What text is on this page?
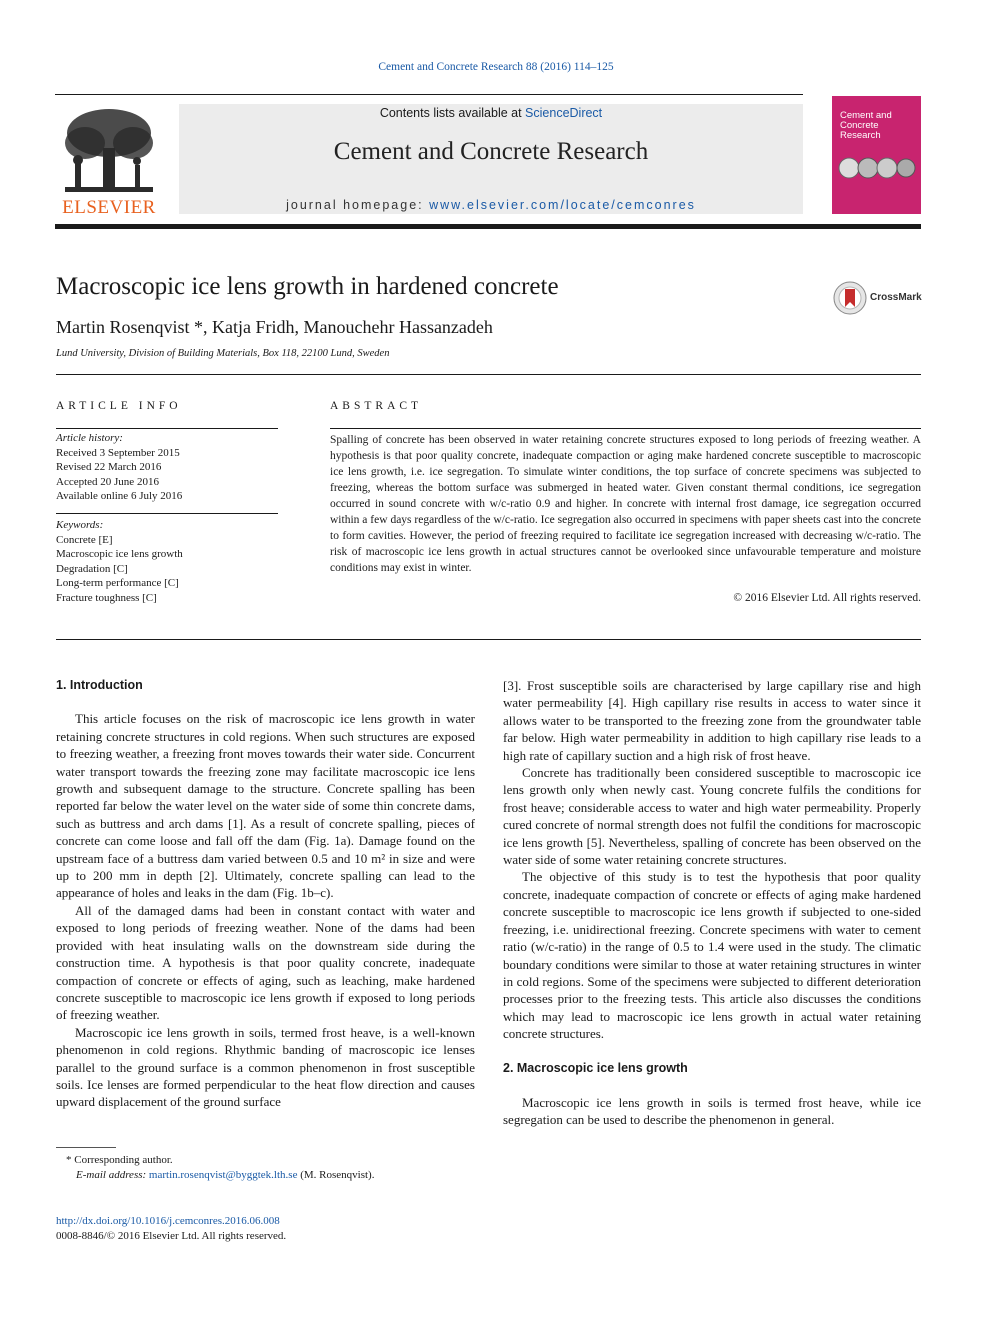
Cement and Concrete Research 88 (2016) 114–125
ELSEVIER
Contents lists available at ScienceDirect
Cement and Concrete Research
journal homepage: www.elsevier.com/locate/cemconres
Cement and Concrete Research
Macroscopic ice lens growth in hardened concrete	CrossMark
Martin Rosenqvist *, Katja Fridh, Manouchehr Hassanzadeh
Lund University, Division of Building Materials, Box 118, 22100 Lund, Sweden
ARTICLE INFO
Article history:
Received 3 September 2015
Revised 22 March 2016
Accepted 20 June 2016
Available online 6 July 2016
Keywords:
Concrete [E]
Macroscopic ice lens growth
Degradation [C]
Long-term performance [C]
Fracture toughness [C]
ABSTRACT
Spalling of concrete has been observed in water retaining concrete structures exposed to long periods of freezing weather. A hypothesis is that poor quality concrete, inadequate compaction or aging make hardened concrete susceptible to macroscopic ice lens growth, i.e. ice segregation. To simulate winter conditions, the top surface of concrete specimens was subjected to freezing, whereas the bottom surface was submerged in heated water. Given constant thermal conditions, ice segregation occurred in sound concrete with w/c-ratio 0.9 and higher. In concrete with internal frost damage, ice segregation occurred within a few days regardless of the w/c-ratio. Ice segregation also occurred in specimens with paper sheets cast into the concrete to form cavities. However, the period of freezing required to facilitate ice segregation increased with decreasing w/c-ratio. The risk of macroscopic ice lens growth in actual structures cannot be overlooked since unfavourable temperature and moisture conditions may exist in winter.
© 2016 Elsevier Ltd. All rights reserved.
1. Introduction

This article focuses on the risk of macroscopic ice lens growth in water retaining concrete structures in cold regions. When such structures are exposed to freezing weather, a freezing front moves towards their water side. Concurrent water transport towards the freezing zone may facilitate macroscopic ice lens growth and subsequent damage to the structure. Concrete spalling has been reported far below the water level on the water side of some thin concrete dams, such as buttress and arch dams [1]. As a result of concrete spalling, pieces of concrete can come loose and fall off the dam (Fig. 1a). Damage found on the upstream face of a buttress dam varied between 0.5 and 10 m² in size and were up to 200 mm in depth [2]. Ultimately, concrete spalling can lead to the appearance of holes and leaks in the dam (Fig. 1b–c).

All of the damaged dams had been in constant contact with water and exposed to long periods of freezing weather. None of the dams had been provided with heat insulating walls on the downstream side during the construction time. A hypothesis is that poor quality concrete, inadequate compaction of concrete or effects of aging, such as leaching, make hardened concrete susceptible to macroscopic ice lens growth if exposed to long periods of freezing weather.

Macroscopic ice lens growth in soils, termed frost heave, is a well-known phenomenon in cold regions. Rhythmic banding of macroscopic ice lenses parallel to the ground surface is a common phenomenon in frost susceptible soils. Ice lenses are formed perpendicular to the heat flow direction and causes upward displacement of the ground surface

* Corresponding author.
E-mail address: martin.rosenqvist@byggtek.lth.se (M. Rosenqvist).

[3]. Frost susceptible soils are characterised by large capillary rise and high water permeability [4]. High capillary rise results in access to water since it allows water to be transported to the freezing zone from the groundwater table far below. High water permeability in addition to high capillary rise leads to a high rate of capillary suction and a high risk of frost heave.

Concrete has traditionally been considered susceptible to macroscopic ice lens growth only when newly cast. Young concrete fulfils the conditions for frost heave; considerable access to water and high water permeability. Properly cured concrete of normal strength does not fulfil the conditions for macroscopic ice lens growth [5]. Nevertheless, spalling of concrete has been observed on the water side of some water retaining concrete structures.

The objective of this study is to test the hypothesis that poor quality concrete, inadequate compaction of concrete or effects of aging make hardened concrete susceptible to macroscopic ice lens growth if subjected to one-sided freezing, i.e. unidirectional freezing. Concrete specimens with water to cement ratio (w/c-ratio) in the range of 0.5 to 1.4 were used in the study. The climatic boundary conditions were similar to those at water retaining structures in winter in cold regions. Some of the specimens were subjected to different deterioration processes prior to the freezing tests. This article also discusses the conditions which may lead to macroscopic ice lens growth in actual water retaining concrete structures.

2. Macroscopic ice lens growth

Macroscopic ice lens growth in soils is termed frost heave, while ice segregation can be used to describe the phenomenon in general.

http://dx.doi.org/10.1016/j.cemconres.2016.06.008
0008-8846/© 2016 Elsevier Ltd. All rights reserved.
